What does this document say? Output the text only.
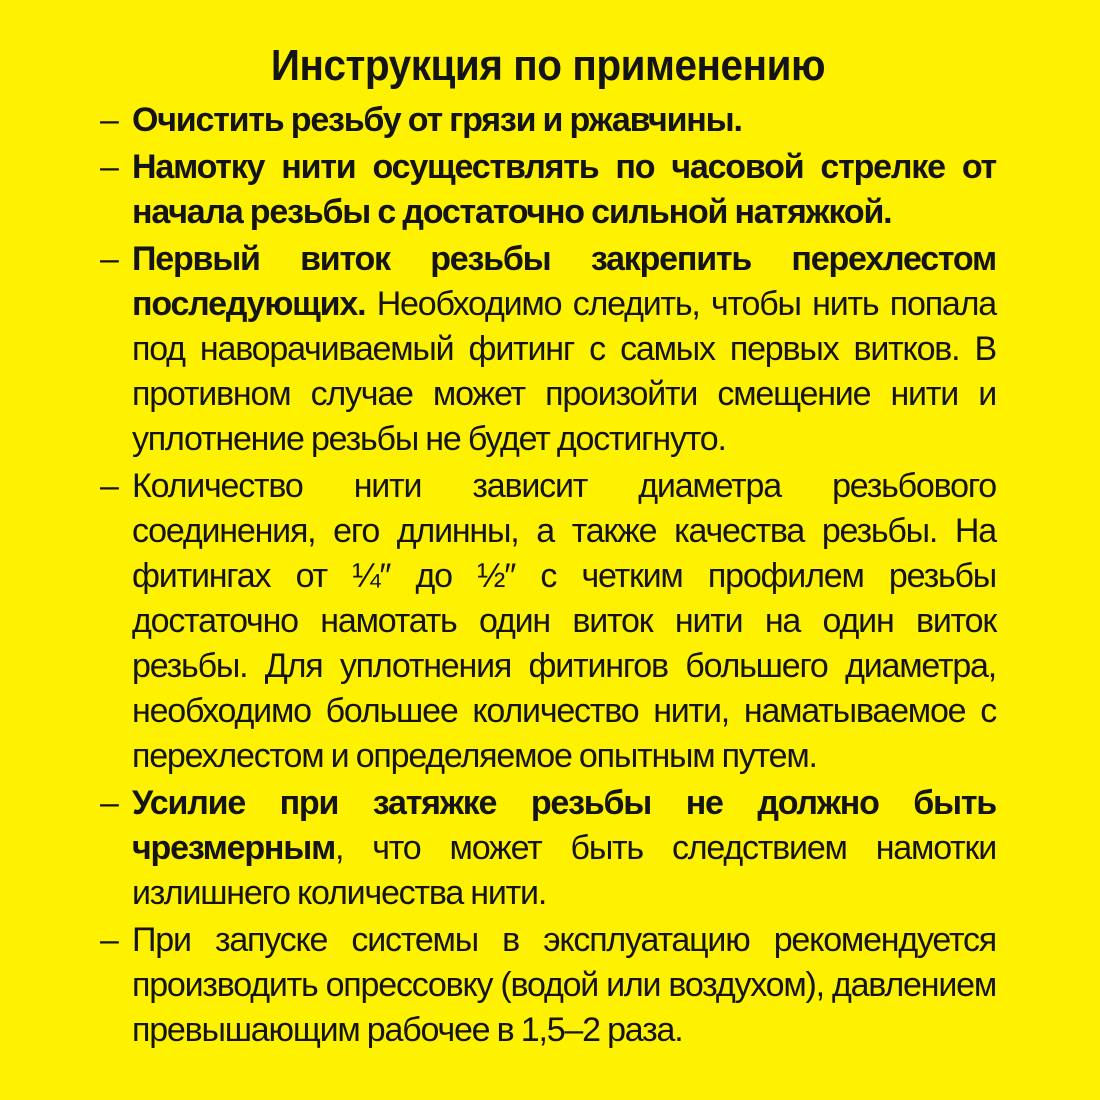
Инструкция по применению
– Очистить резьбу от грязи и ржавчины.
– Намотку нити осуществлять по часовой стрелке от начала резьбы с достаточно сильной натяжкой.
– Первый виток резьбы закрепить перехлестом последующих. Необходимо следить, чтобы нить попала под наворачиваемый фитинг с самых первых витков. В противном случае может произойти смещение нити и уплотнение резьбы не будет достигнуто.
– Количество нити зависит диаметра резьбового соединения, его длинны, а также качества резьбы. На фитингах от ¼″ до ½″ с четким профилем резьбы достаточно намотать один виток нити на один виток резьбы. Для уплотнения фитингов большего диаметра, необходимо большее количество нити, наматываемое с перехлестом и определяемое опытным путем.
– Усилие при затяжке резьбы не должно быть чрезмерным, что может быть следствием намотки излишнего количества нити.
– При запуске системы в эксплуатацию рекомендуется производить опрессовку (водой или воздухом), давлением превышающим рабочее в 1,5–2 раза.
